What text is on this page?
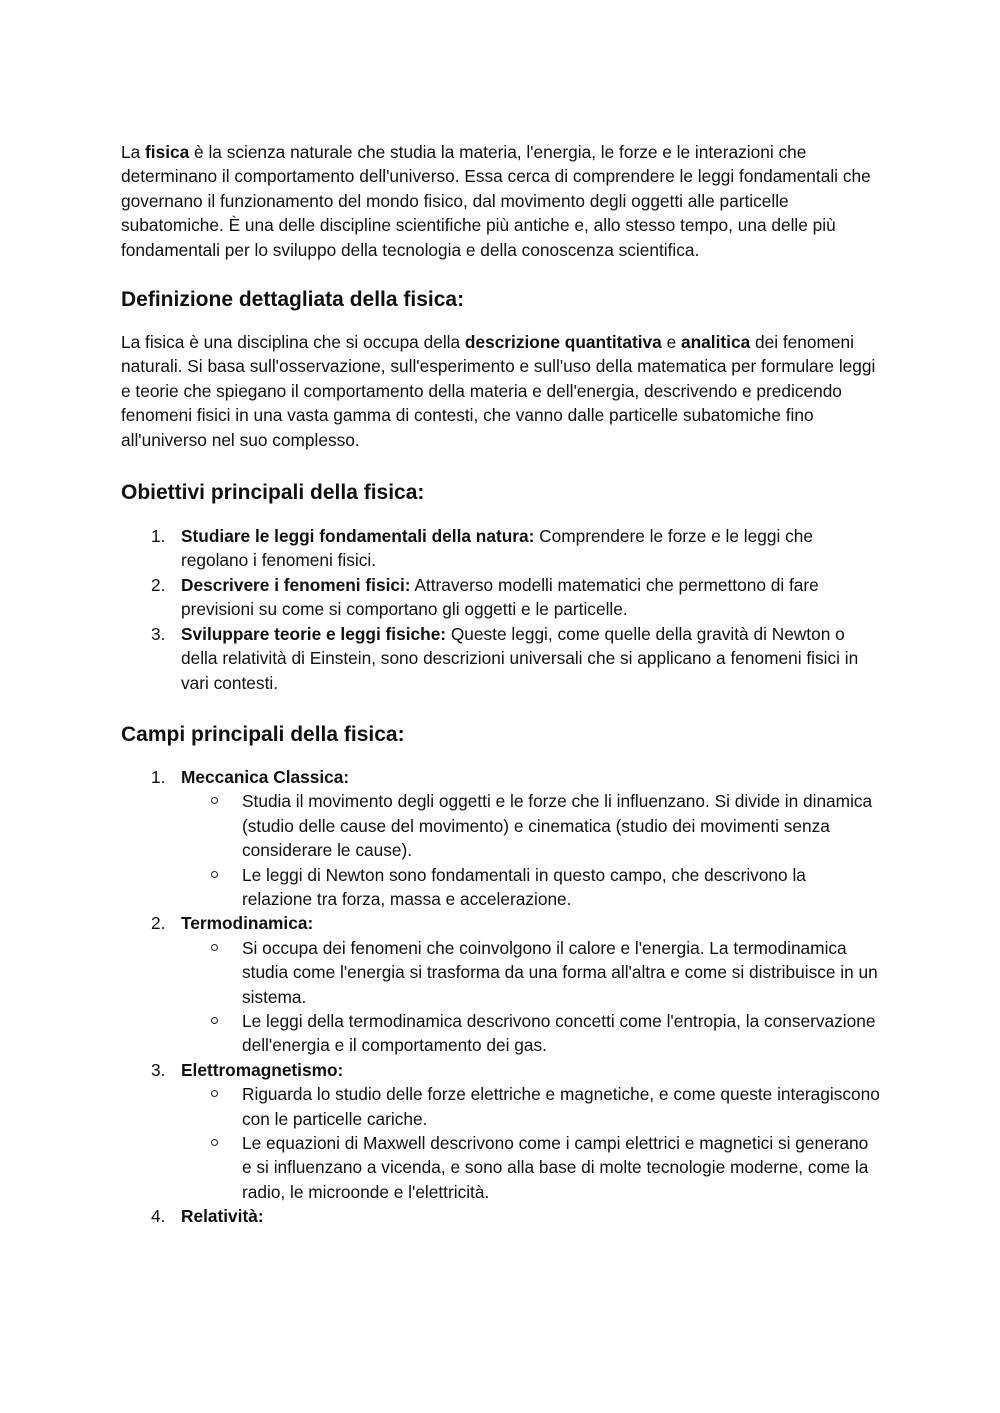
La fisica è la scienza naturale che studia la materia, l'energia, le forze e le interazioni che determinano il comportamento dell'universo. Essa cerca di comprendere le leggi fondamentali che governano il funzionamento del mondo fisico, dal movimento degli oggetti alle particelle subatomiche. È una delle discipline scientifiche più antiche e, allo stesso tempo, una delle più fondamentali per lo sviluppo della tecnologia e della conoscenza scientifica.

Definizione dettagliata della fisica:

La fisica è una disciplina che si occupa della descrizione quantitativa e analitica dei fenomeni naturali. Si basa sull'osservazione, sull'esperimento e sull'uso della matematica per formulare leggi e teorie che spiegano il comportamento della materia e dell'energia, descrivendo e predicendo fenomeni fisici in una vasta gamma di contesti, che vanno dalle particelle subatomiche fino all'universo nel suo complesso.

Obiettivi principali della fisica:
1. Studiare le leggi fondamentali della natura: Comprendere le forze e le leggi che regolano i fenomeni fisici.
2. Descrivere i fenomeni fisici: Attraverso modelli matematici che permettono di fare previsioni su come si comportano gli oggetti e le particelle.
3. Sviluppare teorie e leggi fisiche: Queste leggi, come quelle della gravità di Newton o della relatività di Einstein, sono descrizioni universali che si applicano a fenomeni fisici in vari contesti.
Campi principali della fisica:
1. Meccanica Classica:
Studia il movimento degli oggetti e le forze che li influenzano. Si divide in dinamica (studio delle cause del movimento) e cinematica (studio dei movimenti senza considerare le cause).
Le leggi di Newton sono fondamentali in questo campo, che descrivono la relazione tra forza, massa e accelerazione.
2. Termodinamica:
Si occupa dei fenomeni che coinvolgono il calore e l'energia. La termodinamica studia come l'energia si trasforma da una forma all'altra e come si distribuisce in un sistema.
Le leggi della termodinamica descrivono concetti come l'entropia, la conservazione dell'energia e il comportamento dei gas.
3. Elettromagnetismo:
Riguarda lo studio delle forze elettriche e magnetiche, e come queste interagiscono con le particelle cariche.
Le equazioni di Maxwell descrivono come i campi elettrici e magnetici si generano e si influenzano a vicenda, e sono alla base di molte tecnologie moderne, come la radio, le microonde e l'elettricità.
4. Relatività:
